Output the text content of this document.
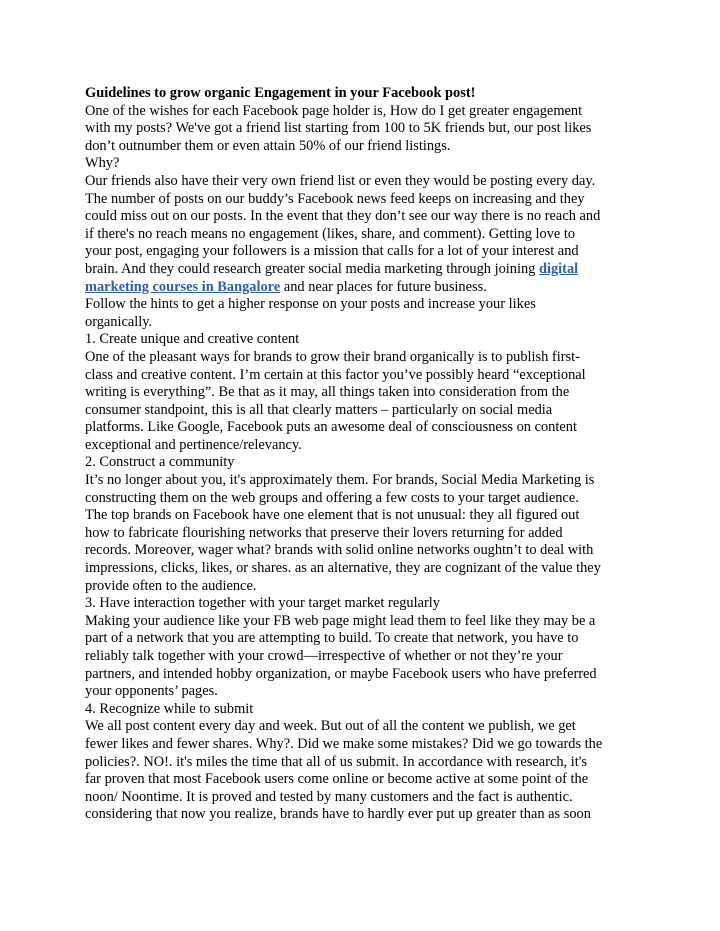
Guidelines to grow organic Engagement in your Facebook post!
One of the wishes for each Facebook page holder is, How do I get greater engagement
with my posts? We've got a friend list starting from 100 to 5K friends but, our post likes
don’t outnumber them or even attain 50% of our friend listings.
Why?
Our friends also have their very own friend list or even they would be posting every day.
The number of posts on our buddy’s Facebook news feed keeps on increasing and they
could miss out on our posts. In the event that they don’t see our way there is no reach and
if there's no reach means no engagement (likes, share, and comment). Getting love to
your post, engaging your followers is a mission that calls for a lot of your interest and
brain. And they could research greater social media marketing through joining digital
marketing courses in Bangalore and near places for future business.
Follow the hints to get a higher response on your posts and increase your likes
organically.
1. Create unique and creative content
One of the pleasant ways for brands to grow their brand organically is to publish first-
class and creative content. I’m certain at this factor you’ve possibly heard “exceptional
writing is everything”. Be that as it may, all things taken into consideration from the
consumer standpoint, this is all that clearly matters – particularly on social media
platforms. Like Google, Facebook puts an awesome deal of consciousness on content
exceptional and pertinence/relevancy.
2. Construct a community
It’s no longer about you, it's approximately them. For brands, Social Media Marketing is
constructing them on the web groups and offering a few costs to your target audience.
The top brands on Facebook have one element that is not unusual: they all figured out
how to fabricate flourishing networks that preserve their lovers returning for added
records. Moreover, wager what? brands with solid online networks oughtn’t to deal with
impressions, clicks, likes, or shares. as an alternative, they are cognizant of the value they
provide often to the audience.
3. Have interaction together with your target market regularly
Making your audience like your FB web page might lead them to feel like they may be a
part of a network that you are attempting to build. To create that network, you have to
reliably talk together with your crowd—irrespective of whether or not they’re your
partners, and intended hobby organization, or maybe Facebook users who have preferred
your opponents’ pages.
4. Recognize while to submit
We all post content every day and week. But out of all the content we publish, we get
fewer likes and fewer shares. Why?. Did we make some mistakes? Did we go towards the
policies?. NO!. it's miles the time that all of us submit. In accordance with research, it's
far proven that most Facebook users come online or become active at some point of the
noon/ Noontime. It is proved and tested by many customers and the fact is authentic.
considering that now you realize, brands have to hardly ever put up greater than as soon
